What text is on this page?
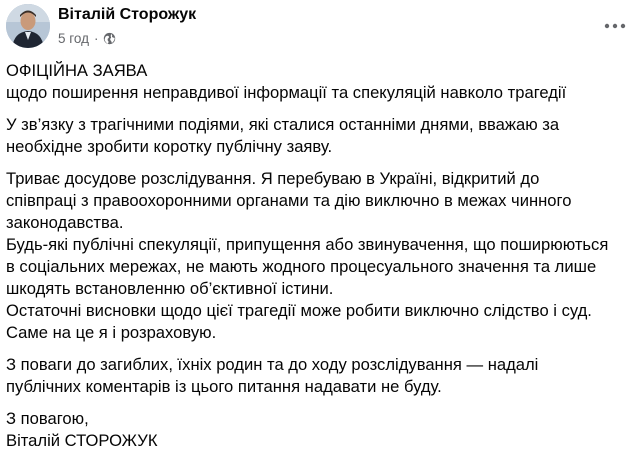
Віталій Сторожук
5 год ·

ОФІЦІЙНА ЗАЯВА
щодо поширення неправдивої інформації та спекуляцій навколо трагедії

У зв’язку з трагічними подіями, які сталися останніми днями, вважаю за
необхідне зробити коротку публічну заяву.

Триває досудове розслідування. Я перебуваю в Україні, відкритий до
співпраці з правоохоронними органами та дію виключно в межах чинного
законодавства.
Будь-які публічні спекуляції, припущення або звинувачення, що поширюються
в соціальних мережах, не мають жодного процесуального значення та лише
шкодять встановленню об’єктивної істини.
Остаточні висновки щодо цієї трагедії може робити виключно слідство і суд.
Саме на це я і розраховую.

З поваги до загиблих, їхніх родин та до ходу розслідування — надалі
публічних коментарів із цього питання надавати не буду.

З повагою,
Віталій СТОРОЖУК
